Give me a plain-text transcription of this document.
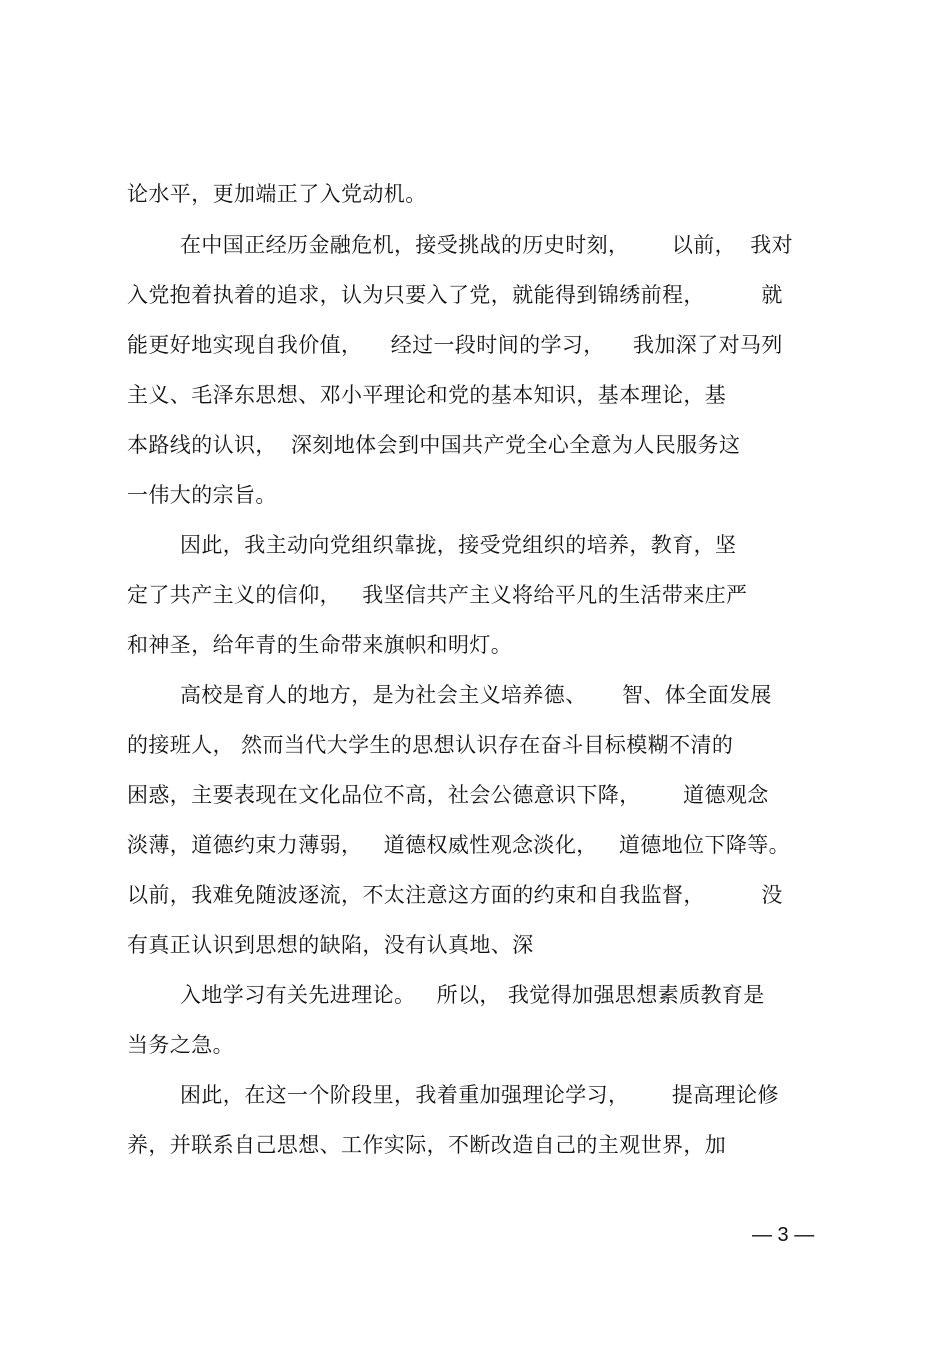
论水平，更加端正了入党动机。
在中国正经历金融危机，接受挑战的历史时刻，      以前，  我对
入党抱着执着的追求，认为只要入了党，就能得到锦绣前程，        就
能更好地实现自我价值，    经过一段时间的学习，    我加深了对马列
主义、毛泽东思想、邓小平理论和党的基本知识，基本理论，基
本路线的认识，  深刻地体会到中国共产党全心全意为人民服务这
一伟大的宗旨。
因此，我主动向党组织靠拢，接受党组织的培养，教育，坚
定了共产主义的信仰，   我坚信共产主义将给平凡的生活带来庄严
和神圣，给年青的生命带来旗帜和明灯。
高校是育人的地方，是为社会主义培养德、     智、体全面发展
的接班人， 然而当代大学生的思想认识存在奋斗目标模糊不清的
困惑，主要表现在文化品位不高，社会公德意识下降，      道德观念
淡薄，道德约束力薄弱，   道德权威性观念淡化，   道德地位下降等。
以前，我难免随波逐流，不太注意这方面的约束和自我监督，        没
有真正认识到思想的缺陷，没有认真地、深
入地学习有关先进理论。   所以， 我觉得加强思想素质教育是
当务之急。
困此，在这一个阶段里，我着重加强理论学习，      提高理论修
养，并联系自己思想、工作实际，不断改造自己的主观世界，加
— 3 —
